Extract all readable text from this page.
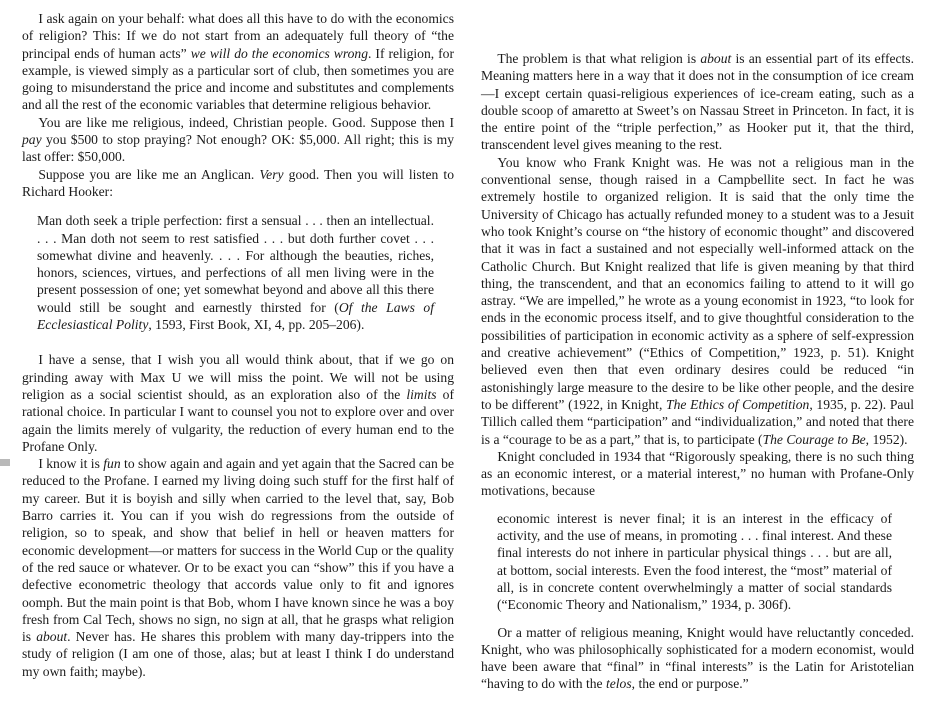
I ask again on your behalf: what does all this have to do with the economics of religion? This: If we do not start from an adequately full theory of “the principal ends of human acts” we will do the economics wrong. If religion, for example, is viewed simply as a particular sort of club, then sometimes you are going to misunderstand the price and income and substitutes and complements and all the rest of the economic variables that determine religious behavior.

You are like me religious, indeed, Christian people. Good. Suppose then I pay you $500 to stop praying? Not enough? OK: $5,000. All right; this is my last offer: $50,000.

Suppose you are like me an Anglican. Very good. Then you will listen to Richard Hooker:

Man doth seek a triple perfection: first a sensual . . . then an intellectual. . . . Man doth not seem to rest satisfied . . . but doth further covet . . . somewhat divine and heavenly. . . . For although the beauties, riches, honors, sciences, virtues, and perfections of all men living were in the present possession of one; yet somewhat beyond and above all this there would still be sought and earnestly thirsted for (Of the Laws of Ecclesiastical Polity, 1593, First Book, XI, 4, pp. 205–206).

I have a sense, that I wish you all would think about, that if we go on grinding away with Max U we will miss the point. We will not be using religion as a social scientist should, as an exploration also of the limits of rational choice. In particular I want to counsel you not to explore over and over again the limits merely of vulgarity, the reduction of every human end to the Profane Only.

I know it is fun to show again and again and yet again that the Sacred can be reduced to the Profane. I earned my living doing such stuff for the first half of my career. But it is boyish and silly when carried to the level that, say, Bob Barro carries it. You can if you wish do regressions from the outside of religion, so to speak, and show that belief in hell or heaven matters for economic development—or matters for success in the World Cup or the quality of the red sauce or whatever. Or to be exact you can “show” this if you have a defective econometric theology that accords value only to fit and ignores oomph. But the main point is that Bob, whom I have known since he was a boy fresh from Cal Tech, shows no sign, no sign at all, that he grasps what religion is about. Never has. He shares this problem with many day-trippers into the study of religion (I am one of those, alas; but at least I think I do understand my own faith; maybe).

The problem is that what religion is about is an essential part of its effects. Meaning matters here in a way that it does not in the consumption of ice cream—I except certain quasi-religious experiences of ice-cream eating, such as a double scoop of amaretto at Sweet’s on Nassau Street in Princeton. In fact, it is the entire point of the “triple perfection,” as Hooker put it, that the third, transcendent level gives meaning to the rest.

You know who Frank Knight was. He was not a religious man in the conventional sense, though raised in a Campbellite sect. In fact he was extremely hostile to organized religion. It is said that the only time the University of Chicago has actually refunded money to a student was to a Jesuit who took Knight’s course on “the history of economic thought” and discovered that it was in fact a sustained and not especially well-informed attack on the Catholic Church. But Knight realized that life is given meaning by that third thing, the transcendent, and that an economics failing to attend to it will go astray. “We are impelled,” he wrote as a young economist in 1923, “to look for ends in the economic process itself, and to give thoughtful consideration to the possibilities of participation in economic activity as a sphere of self-expression and creative achievement” (“Ethics of Competition,” 1923, p. 51). Knight believed even then that even ordinary desires could be reduced “in astonishingly large measure to the desire to be like other people, and the desire to be different” (1922, in Knight, The Ethics of Competition, 1935, p. 22). Paul Tillich called them “participation” and “individualization,” and noted that there is a “courage to be as a part,” that is, to participate (The Courage to Be, 1952).

Knight concluded in 1934 that “Rigorously speaking, there is no such thing as an economic interest, or a material interest,” no human with Profane-Only motivations, because

economic interest is never final; it is an interest in the efficacy of activity, and the use of means, in promoting . . . final interest. And these final interests do not inhere in particular physical things . . . but are all, at bottom, social interests. Even the food interest, the “most” material of all, is in concrete content overwhelmingly a matter of social standards (“Economic Theory and Nationalism,” 1934, p. 306f).

Or a matter of religious meaning, Knight would have reluctantly conceded. Knight, who was philosophically sophisticated for a modern economist, would have been aware that “final” in “final interests” is the Latin for Aristotelian “having to do with the telos, the end or purpose.”
